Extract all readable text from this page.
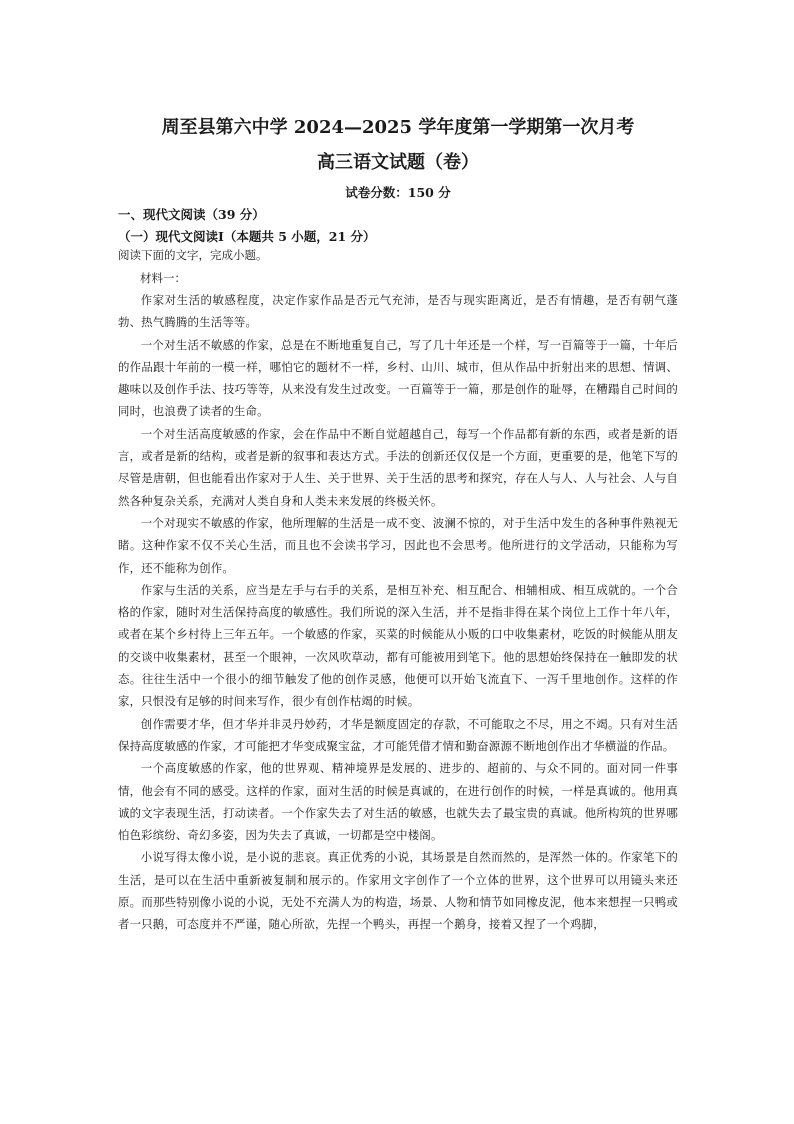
周至县第六中学 2024—2025 学年度第一学期第一次月考
高三语文试题（卷）
试卷分数：150 分
一、现代文阅读（39 分）
（一）现代文阅读Ⅰ（本题共 5 小题，21 分）
阅读下面的文字，完成小题。
材料一：

作家对生活的敏感程度，决定作家作品是否元气充沛，是否与现实距离近，是否有情趣，是否有朝气蓬勃、热气腾腾的生活等等。

一个对生活不敏感的作家，总是在不断地重复自己，写了几十年还是一个样，写一百篇等于一篇，十年后的作品跟十年前的一模一样，哪怕它的题材不一样，乡村、山川、城市，但从作品中折射出来的思想、情调、趣味以及创作手法、技巧等等，从来没有发生过改变。一百篇等于一篇，那是创作的耻辱，在糟蹋自己时间的同时，也浪费了读者的生命。

一个对生活高度敏感的作家，会在作品中不断自觉超越自己，每写一个作品都有新的东西，或者是新的语言，或者是新的结构，或者是新的叙事和表达方式。手法的创新还仅仅是一个方面，更重要的是，他笔下写的尽管是唐朝，但也能看出作家对于人生、关于世界、关于生活的思考和探究，存在人与人、人与社会、人与自然各种复杂关系，充满对人类自身和人类未来发展的终极关怀。

一个对现实不敏感的作家，他所理解的生活是一成不变、波澜不惊的，对于生活中发生的各种事件熟视无睹。这种作家不仅不关心生活，而且也不会读书学习，因此也不会思考。他所进行的文学活动，只能称为写作，还不能称为创作。

作家与生活的关系，应当是左手与右手的关系，是相互补充、相互配合、相辅相成、相互成就的。一个合格的作家，随时对生活保持高度的敏感性。我们所说的深入生活，并不是指非得在某个岗位上工作十年八年，或者在某个乡村待上三年五年。一个敏感的作家，买菜的时候能从小贩的口中收集素材，吃饭的时候能从朋友的交谈中收集素材，甚至一个眼神，一次风吹草动，都有可能被用到笔下。他的思想始终保持在一触即发的状态。往往生活中一个很小的细节触发了他的创作灵感，他便可以开始飞流直下、一泻千里地创作。这样的作家，只恨没有足够的时间来写作，很少有创作枯竭的时候。

创作需要才华，但才华并非灵丹妙药，才华是额度固定的存款，不可能取之不尽，用之不竭。只有对生活保持高度敏感的作家，才可能把才华变成聚宝盆，才可能凭借才情和勤奋源源不断地创作出才华横溢的作品。

一个高度敏感的作家，他的世界观、精神境界是发展的、进步的、超前的、与众不同的。面对同一件事情，他会有不同的感受。这样的作家，面对生活的时候是真诚的，在进行创作的时候，一样是真诚的。他用真诚的文字表现生活，打动读者。一个作家失去了对生活的敏感，也就失去了最宝贵的真诚。他所构筑的世界哪怕色彩缤纷、奇幻多姿，因为失去了真诚，一切都是空中楼阁。

小说写得太像小说，是小说的悲哀。真正优秀的小说，其场景是自然而然的，是浑然一体的。作家笔下的生活，是可以在生活中重新被复制和展示的。作家用文字创作了一个立体的世界，这个世界可以用镜头来还原。而那些特别像小说的小说，无处不充满人为的构造，场景、人物和情节如同橡皮泥，他本来想捏一只鸭或者一只鹅，可态度并不严谨，随心所欲，先捏一个鸭头，再捏一个鹅身，接着又捏了一个鸡脚，
